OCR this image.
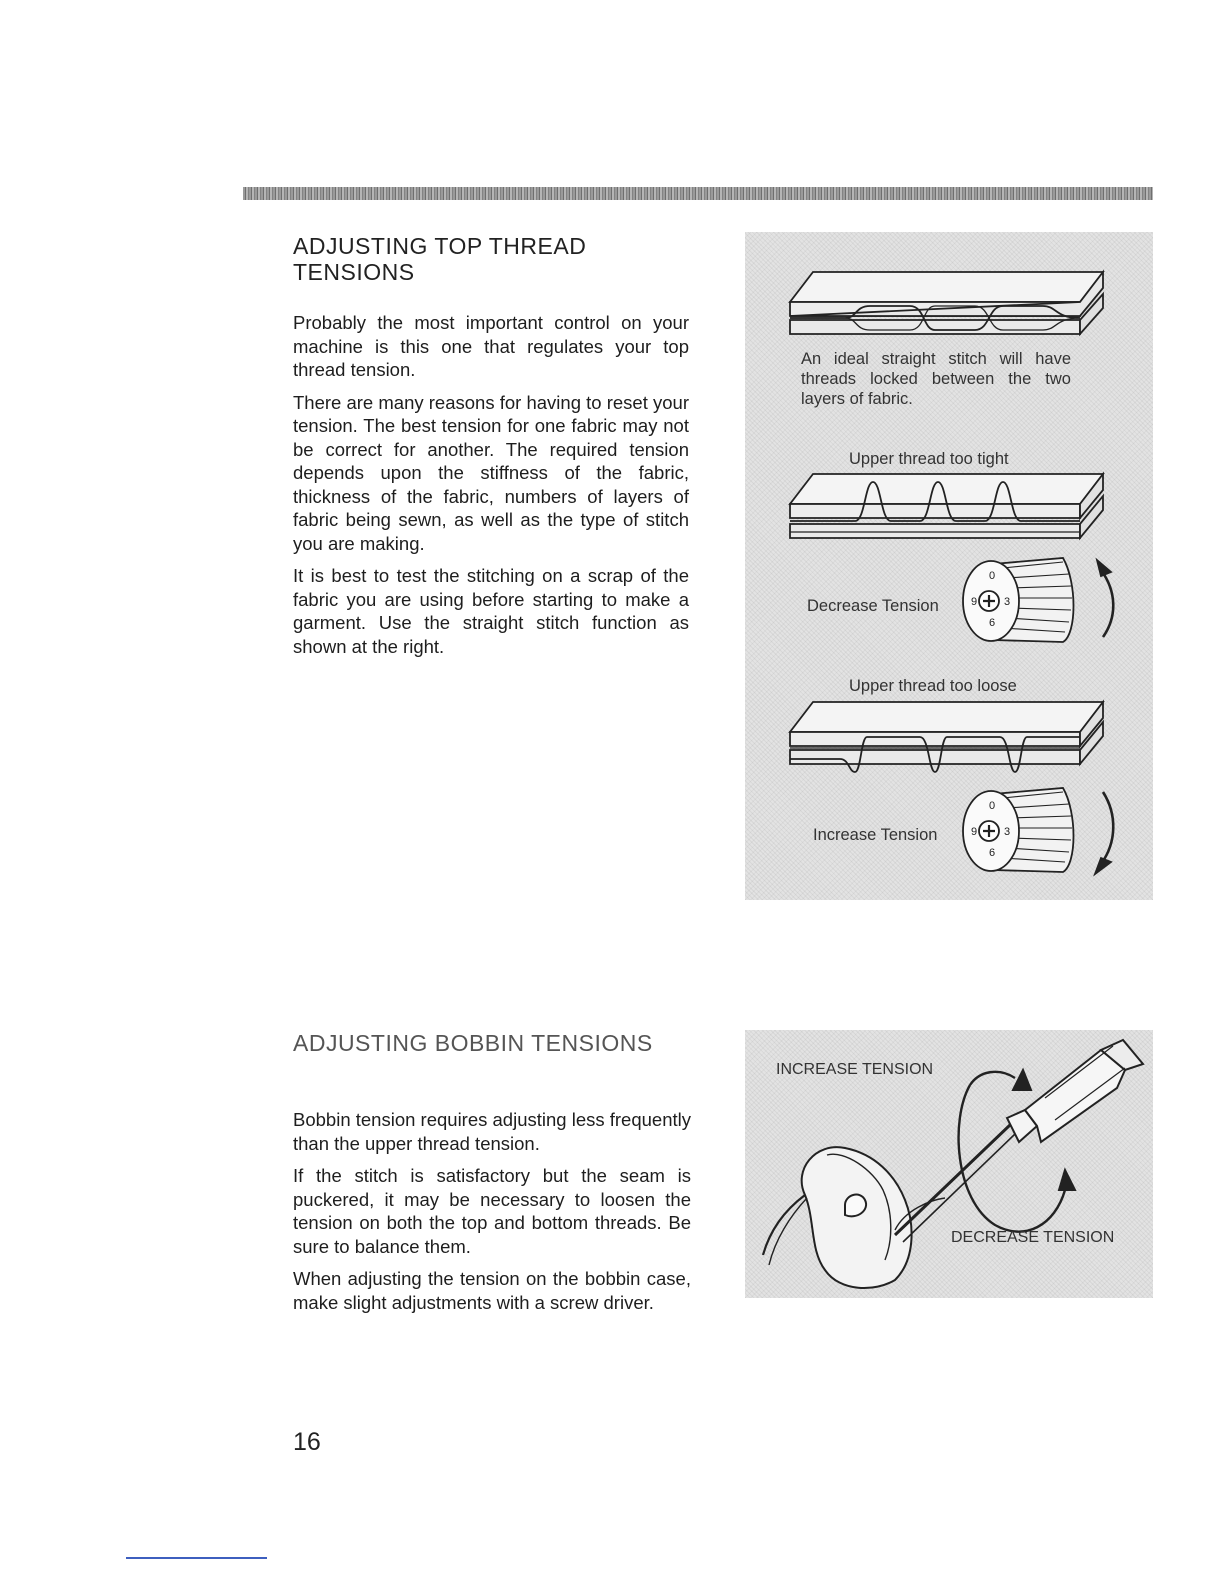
ADJUSTING TOP THREAD TENSIONS

Probably the most important control on your machine is this one that regulates your top thread tension.

There are many reasons for having to reset your tension. The best tension for one fabric may not be correct for another. The required tension depends upon the stiffness of the fabric, thickness of the fabric, numbers of layers of fabric being sewn, as well as the type of stitch you are making.

It is best to test the stitching on a scrap of the fabric you are using before starting to make a garment. Use the straight stitch function as shown at the right.

0
3
6
9
0
3
6
9

An ideal straight stitch will have threads locked between the two layers of fabric.

Upper thread too tight

Decrease Tension

Upper thread too loose

Increase Tension

ADJUSTING BOBBIN TENSIONS

Bobbin tension requires adjusting less frequently than the upper thread tension.

If the stitch is satisfactory but the seam is puckered, it may be necessary to loosen the tension on both the top and bottom threads. Be sure to balance them.

When adjusting the tension on the bobbin case, make slight adjustments with a screw driver.

INCREASE TENSION

DECREASE TENSION

16
